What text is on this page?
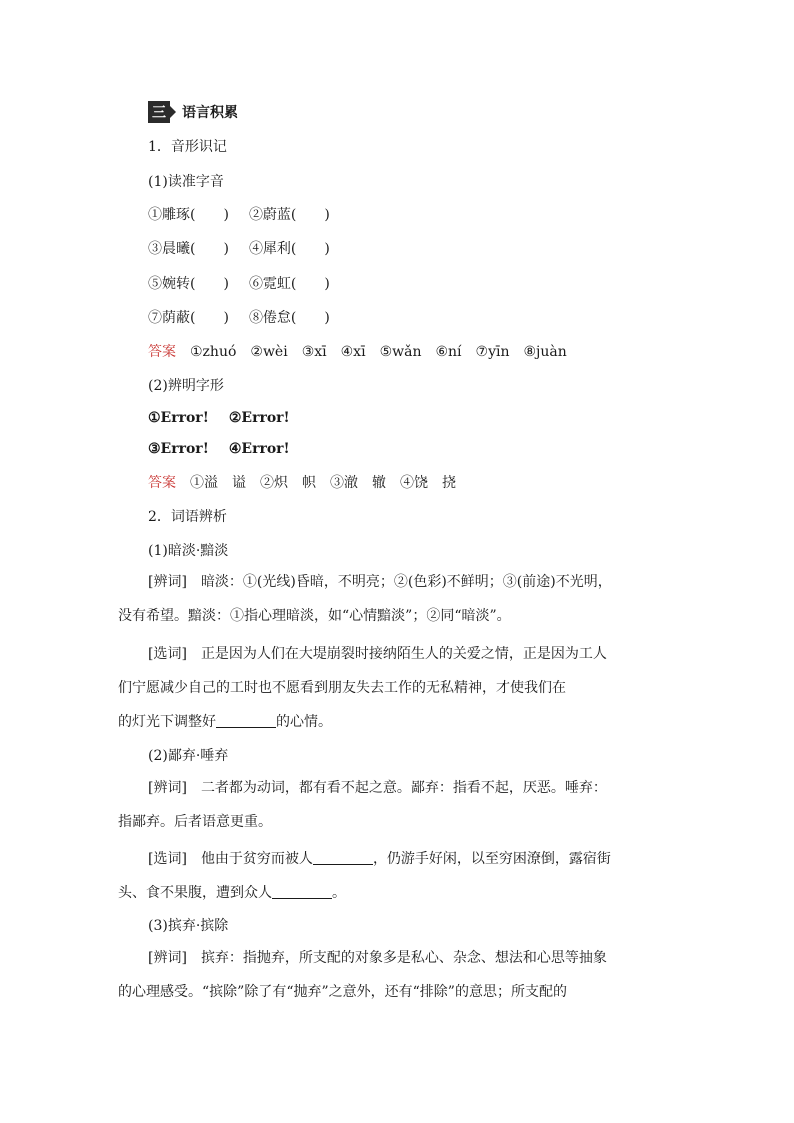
三 语言积累
1．音形识记
(1)读准字音
①雕琢(　　) ②蔚蓝(　　)
③晨曦(　　) ④犀利(　　)
⑤婉转(　　) ⑥霓虹(　　)
⑦荫蔽(　　) ⑧倦怠(　　)
答案 ①zhuó ②wèi ③xī ④xī ⑤wǎn ⑥ní ⑦yīn ⑧juàn
(2)辨明字形
①Error! ②Error!
③Error! ④Error!
答案 ①溢 谥 ②炽 帜 ③澈 辙 ④饶 挠
2．词语辨析
(1)暗淡·黯淡
[辨词]　 暗淡：①(光线)昏暗，不明亮；②(色彩)不鲜明；③(前途)不光明，
没有希望。黯淡：①指心理暗淡，如“心情黯淡”；②同“暗淡”。
[选词]　 正是因为人们在大堤崩裂时接纳陌生人的关爱之情，正是因为工人
们宁愿减少自己的工时也不愿看到朋友失去工作的无私精神，才使我们在
的灯光下调整好	的心情。
(2)鄙弃·唾弃
[辨词]　 二者都为动词，都有看不起之意。鄙弃：指看不起，厌恶。唾弃：
指鄙弃。后者语意更重。
[选词]　 他由于贫穷而被人	，仍游手好闲，以至穷困潦倒，露宿街
头、食不果腹，遭到众人	。
(3)摈弃·摈除
[辨词]　 摈弃：指抛弃，所支配的对象多是私心、杂念、想法和心思等抽象
的心理感受。“摈除”除了有“抛弃”之意外，还有“排除”的意思；所支配的
